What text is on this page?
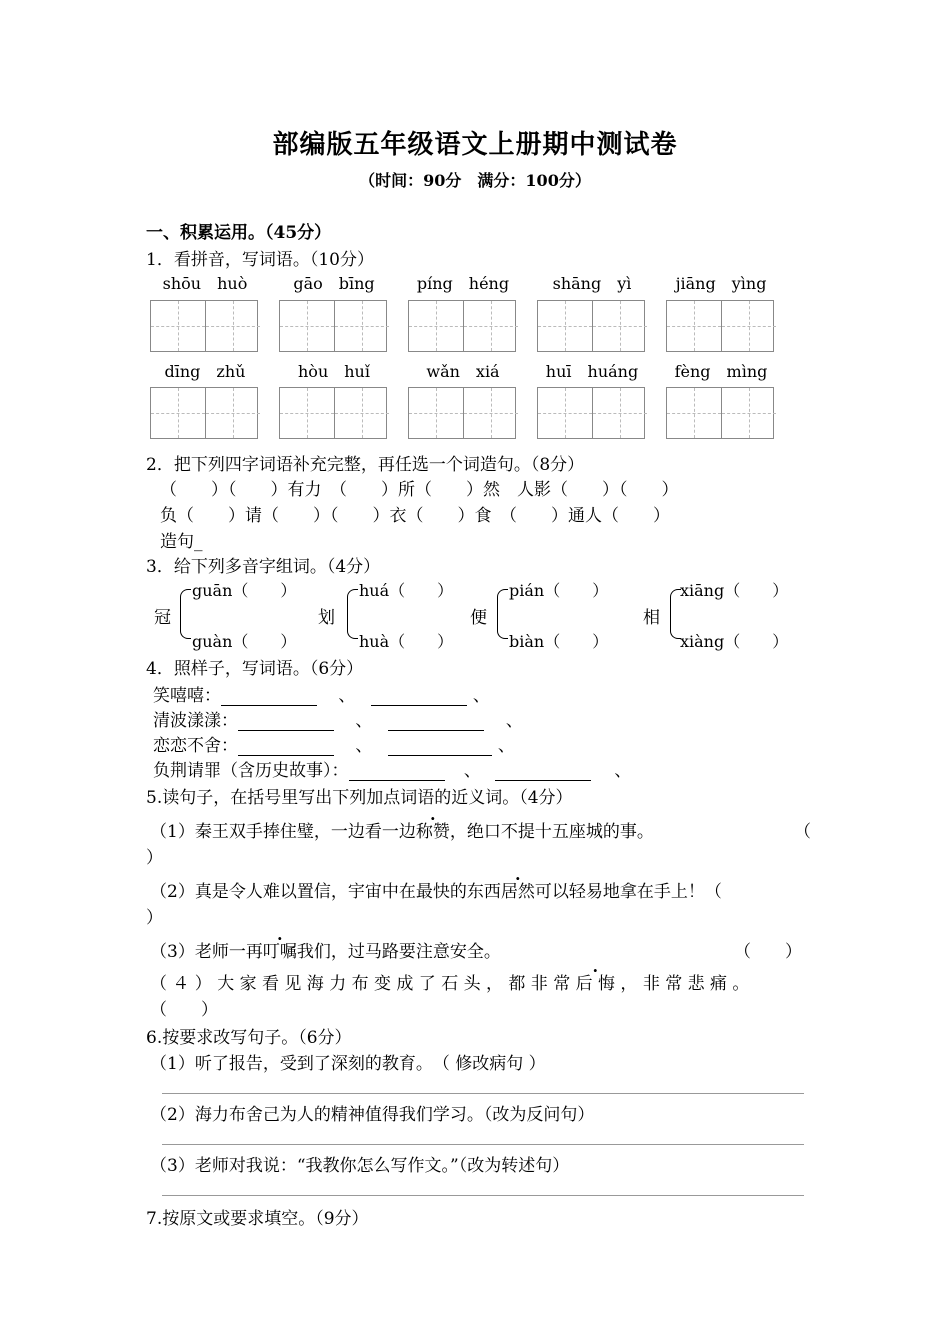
部编版五年级语文上册期中测试卷
（时间：90分　满分：100分）
一、积累运用。（45分）
1．看拼音，写词语。（10分）
shōu　huò	gāo　bīng	píng　héng	shāng　yì	jiāng　yìng
dīng　zhǔ	hòu　huǐ	wǎn　xiá	huī　huáng	fèng　mìng
2．把下列四字词语补充完整，再任选一个词造句。（8分）
（　　）（　　）有力　（　　）所（　　）然　人影（　　）（　　）
负（　　）请（　　）（　　）衣（　　）食　（　　）通人（　　）
造句_
3．给下列多音字组词。（4分）
冠
guān（　　）
guàn（　　）
划
huá（　　）
huà（　　）
便
pián（　　）
biàn（　　）
相
xiāng（　　）
xiàng（　　）
4．照样子，写词语。（6分）
笑嘻嘻：	、	、
清波漾漾：	、	、
恋恋不舍：	、	、
负荆请罪（含历史故事）：	、	、
5.读句子，在括号里写出下列加点词语的近义词。（4分）
（1）秦王双手捧住璧，一边看一边称赞，绝口不提十五座城的事。	（
）
（2）真是令人难以置信，宇宙中在最快的东西居然可以轻易地拿在手上！（
）
（3）老师一再叮嘱我们，过马路要注意安全。	（　　）
（４）大家看见海力布变成了石头，都非常后悔，非常悲痛。
（　　）
6.按要求改写句子。（6分）
（1）听了报告，受到了深刻的教育。　（ 修改病句 ）
（2）海力布舍己为人的精神值得我们学习。（改为反问句）
（3）老师对我说：“我教你怎么写作文。”（改为转述句）
7.按原文或要求填空。（9分）
